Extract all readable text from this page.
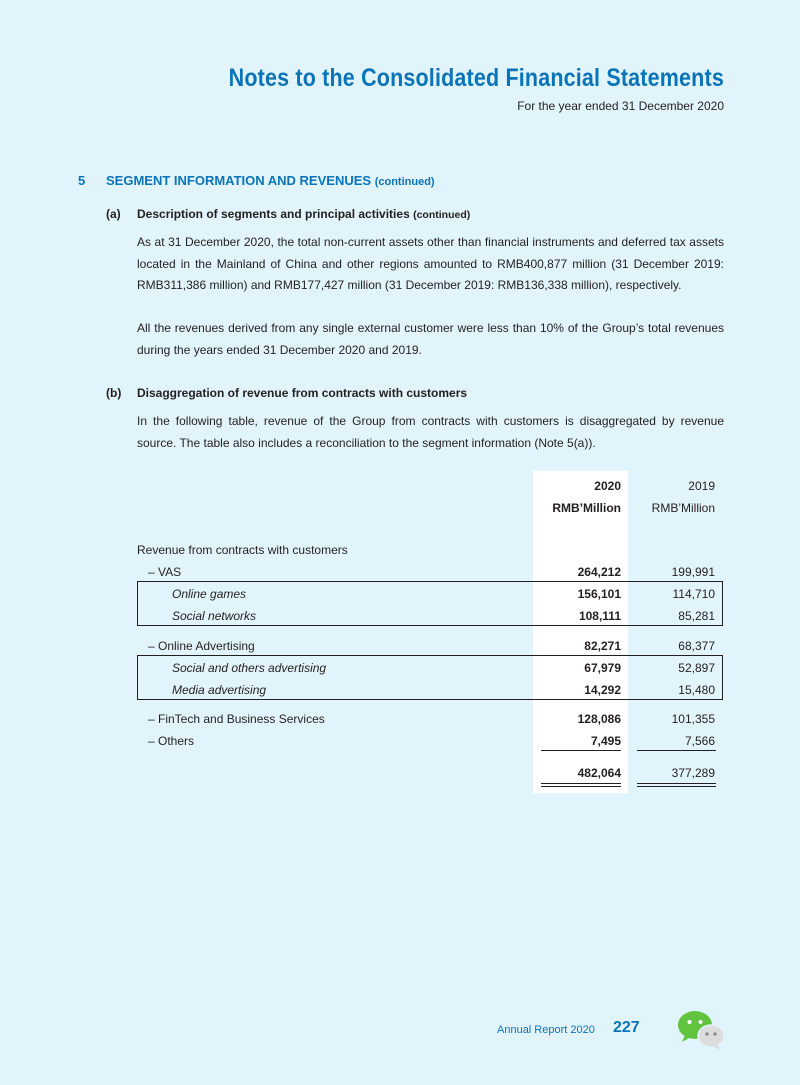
Notes to the Consolidated Financial Statements
For the year ended 31 December 2020
5 SEGMENT INFORMATION AND REVENUES (continued)
(a) Description of segments and principal activities (continued)
As at 31 December 2020, the total non-current assets other than financial instruments and deferred tax assets located in the Mainland of China and other regions amounted to RMB400,877 million (31 December 2019: RMB311,386 million) and RMB177,427 million (31 December 2019: RMB136,338 million), respectively.
All the revenues derived from any single external customer were less than 10% of the Group’s total revenues during the years ended 31 December 2020 and 2019.
(b) Disaggregation of revenue from contracts with customers
In the following table, revenue of the Group from contracts with customers is disaggregated by revenue source. The table also includes a reconciliation to the segment information (Note 5(a)).
2020	2019
RMB’Million	RMB’Million
Revenue from contracts with customers
– VAS	264,212	199,991
Online games	156,101	114,710
Social networks	108,111	85,281
– Online Advertising	82,271	68,377
Social and others advertising	67,979	52,897
Media advertising	14,292	15,480
– FinTech and Business Services	128,086	101,355
– Others	7,495	7,566
482,064	377,289
Annual Report 2020 227
